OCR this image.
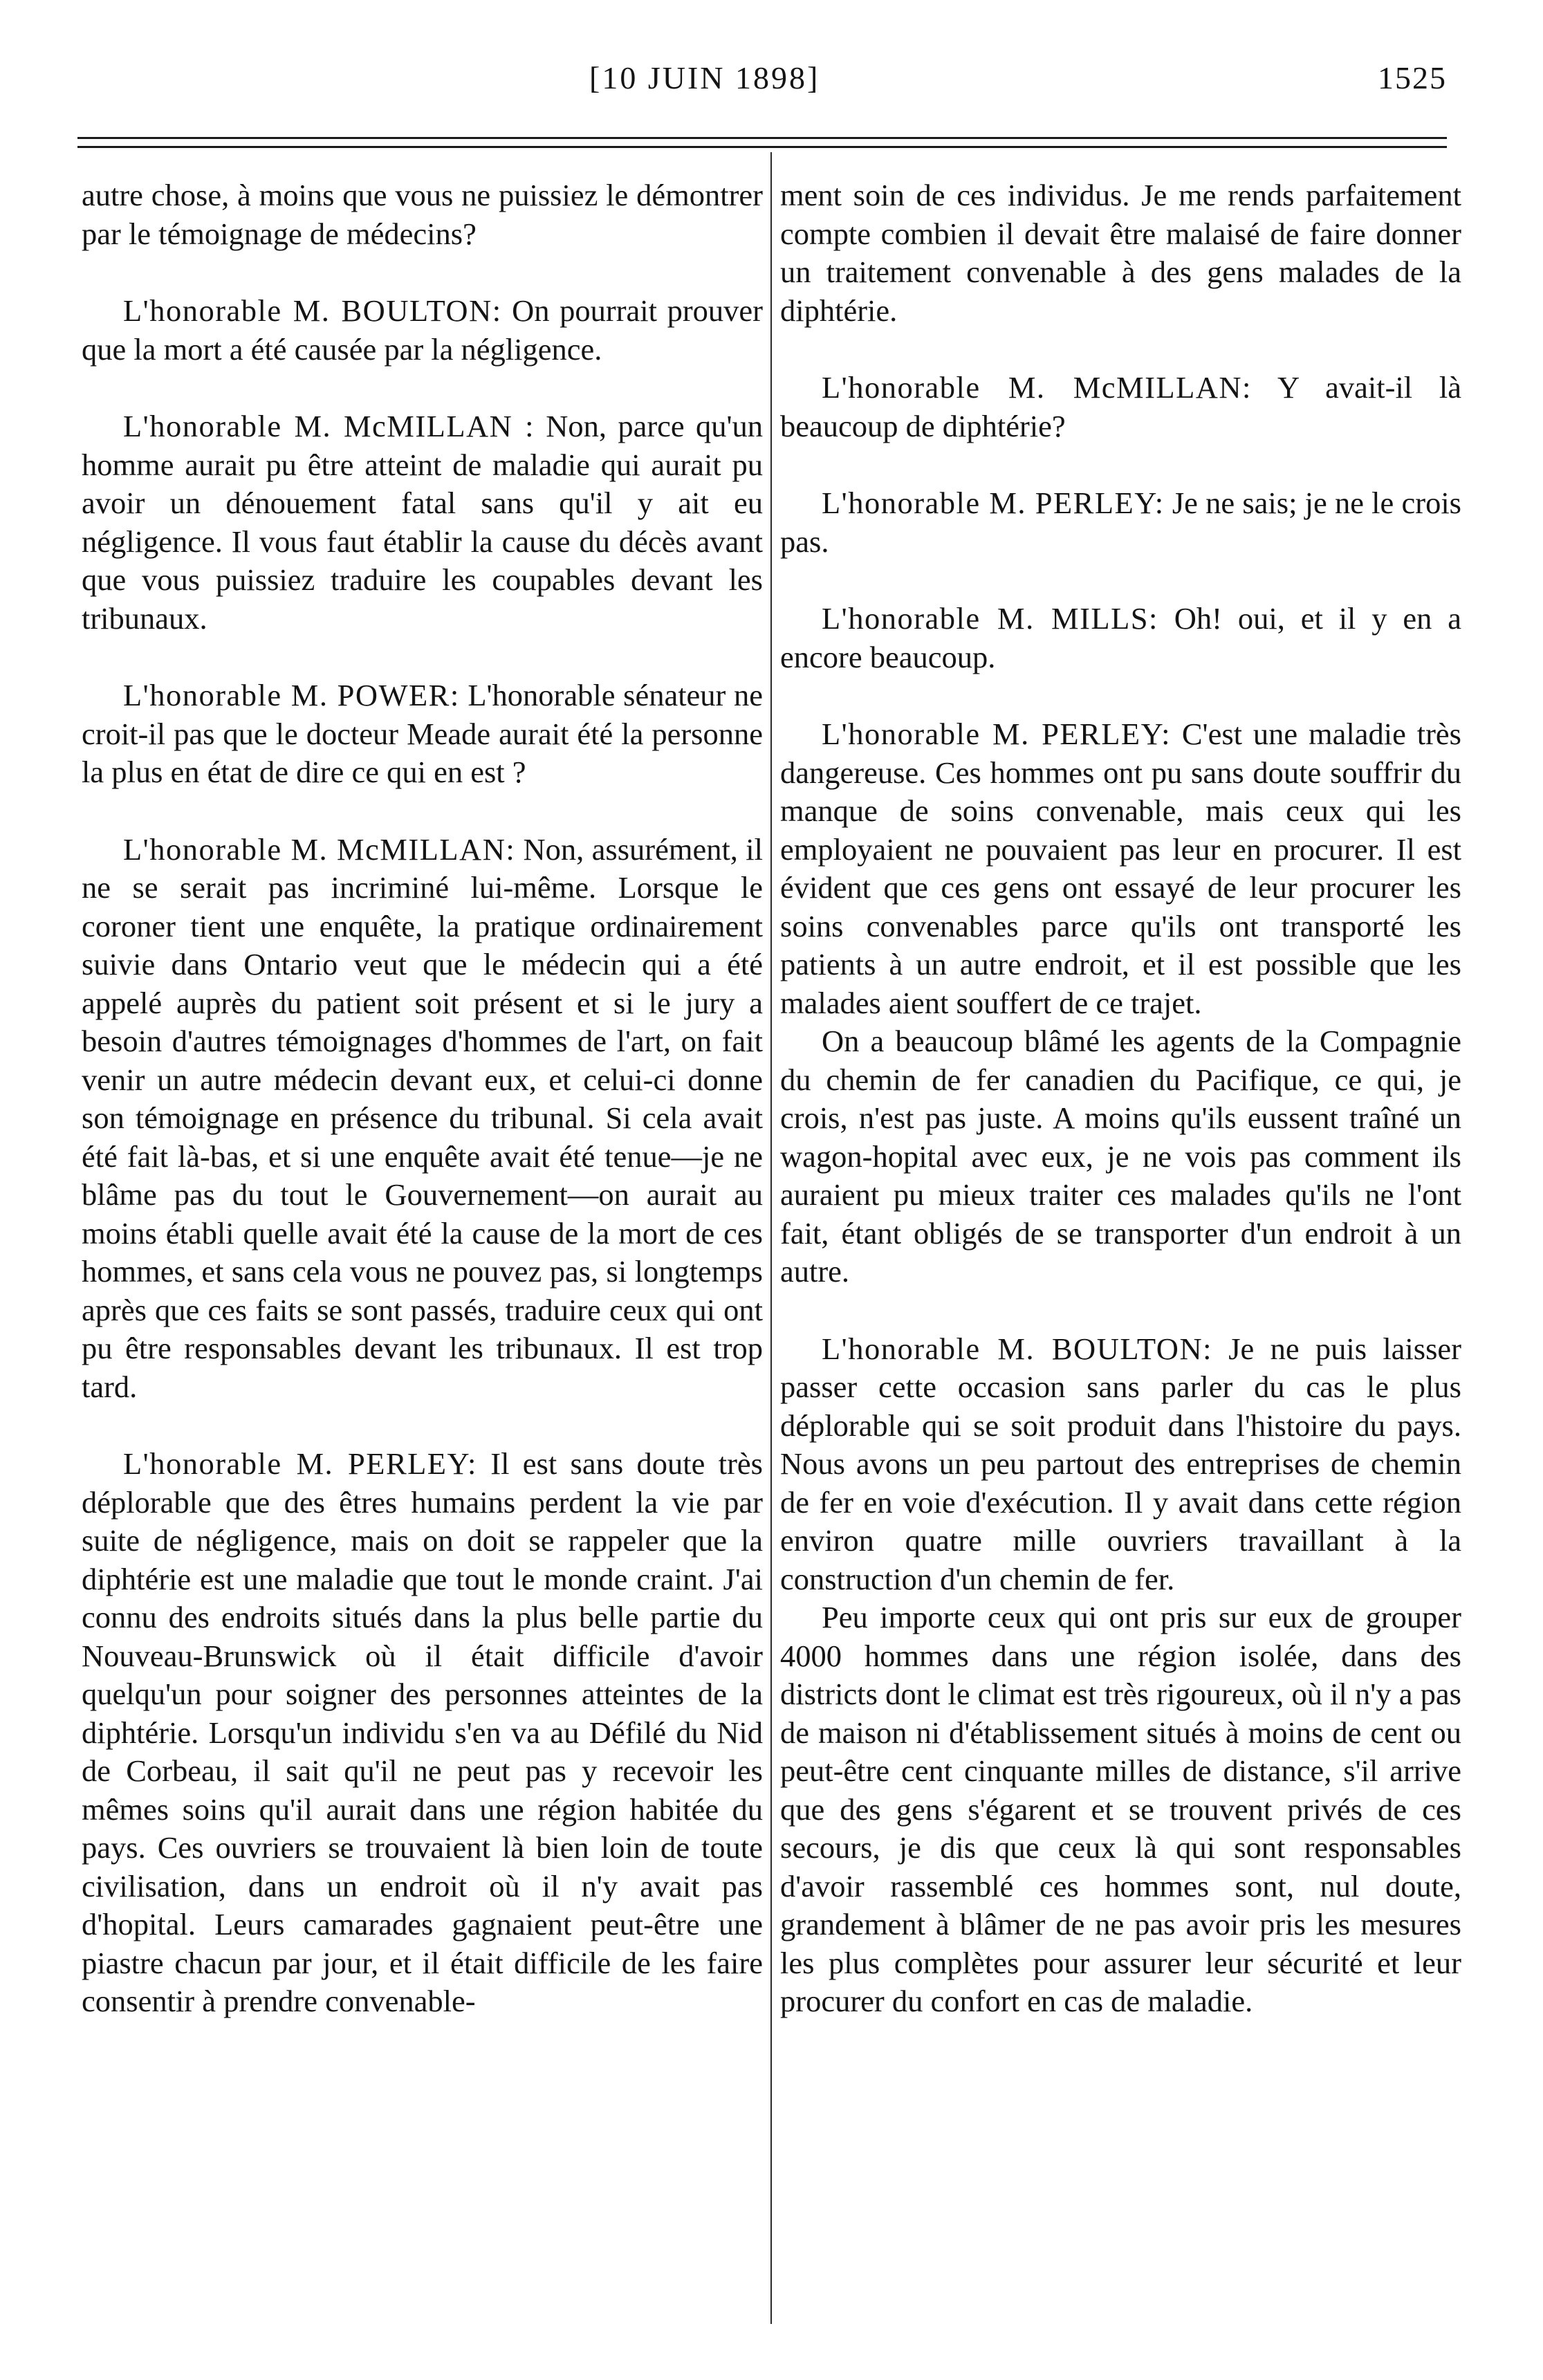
[10 JUIN 1898]	1525

autre chose, à moins que vous ne puissiez le démontrer par le témoignage de médecins?

L'honorable M. BOULTON: On pourrait prouver que la mort a été causée par la négligence.

L'honorable M. McMILLAN : Non, parce qu'un homme aurait pu être atteint de maladie qui aurait pu avoir un dénouement fatal sans qu'il y ait eu négligence. Il vous faut établir la cause du décès avant que vous puissiez traduire les coupables devant les tribunaux.

L'honorable M. POWER: L'honorable sénateur ne croit-il pas que le docteur Meade aurait été la personne la plus en état de dire ce qui en est ?

L'honorable M. McMILLAN: Non, assurément, il ne se serait pas incriminé lui-même. Lorsque le coroner tient une enquête, la pratique ordinairement suivie dans Ontario veut que le médecin qui a été appelé auprès du patient soit présent et si le jury a besoin d'autres témoignages d'hommes de l'art, on fait venir un autre médecin devant eux, et celui-ci donne son témoignage en présence du tribunal. Si cela avait été fait là-bas, et si une enquête avait été tenue—je ne blâme pas du tout le Gouvernement—on aurait au moins établi quelle avait été la cause de la mort de ces hommes, et sans cela vous ne pouvez pas, si longtemps après que ces faits se sont passés, traduire ceux qui ont pu être responsables devant les tribunaux. Il est trop tard.

L'honorable M. PERLEY: Il est sans doute très déplorable que des êtres humains perdent la vie par suite de négligence, mais on doit se rappeler que la diphtérie est une maladie que tout le monde craint. J'ai connu des endroits situés dans la plus belle partie du Nouveau-Brunswick où il était difficile d'avoir quelqu'un pour soigner des personnes atteintes de la diphtérie. Lorsqu'un individu s'en va au Défilé du Nid de Corbeau, il sait qu'il ne peut pas y recevoir les mêmes soins qu'il aurait dans une région habitée du pays. Ces ouvriers se trouvaient là bien loin de toute civilisation, dans un endroit où il n'y avait pas d'hopital. Leurs camarades gagnaient peut-être une piastre chacun par jour, et il était difficile de les faire consentir à prendre convenable-

ment soin de ces individus. Je me rends parfaitement compte combien il devait être malaisé de faire donner un traitement convenable à des gens malades de la diphtérie.

L'honorable M. McMILLAN: Y avait-il là beaucoup de diphtérie?

L'honorable M. PERLEY: Je ne sais; je ne le crois pas.

L'honorable M. MILLS: Oh! oui, et il y en a encore beaucoup.

L'honorable M. PERLEY: C'est une maladie très dangereuse. Ces hommes ont pu sans doute souffrir du manque de soins convenable, mais ceux qui les employaient ne pouvaient pas leur en procurer. Il est évident que ces gens ont essayé de leur procurer les soins convenables parce qu'ils ont transporté les patients à un autre endroit, et il est possible que les malades aient souffert de ce trajet.

On a beaucoup blâmé les agents de la Compagnie du chemin de fer canadien du Pacifique, ce qui, je crois, n'est pas juste. A moins qu'ils eussent traîné un wagon-hopital avec eux, je ne vois pas comment ils auraient pu mieux traiter ces malades qu'ils ne l'ont fait, étant obligés de se transporter d'un endroit à un autre.

L'honorable M. BOULTON: Je ne puis laisser passer cette occasion sans parler du cas le plus déplorable qui se soit produit dans l'histoire du pays. Nous avons un peu partout des entreprises de chemin de fer en voie d'exécution. Il y avait dans cette région environ quatre mille ouvriers travaillant à la construction d'un chemin de fer.

Peu importe ceux qui ont pris sur eux de grouper 4000 hommes dans une région isolée, dans des districts dont le climat est très rigoureux, où il n'y a pas de maison ni d'établissement situés à moins de cent ou peut-être cent cinquante milles de distance, s'il arrive que des gens s'égarent et se trouvent privés de ces secours, je dis que ceux là qui sont responsables d'avoir rassemblé ces hommes sont, nul doute, grandement à blâmer de ne pas avoir pris les mesures les plus complètes pour assurer leur sécurité et leur procurer du confort en cas de maladie.
